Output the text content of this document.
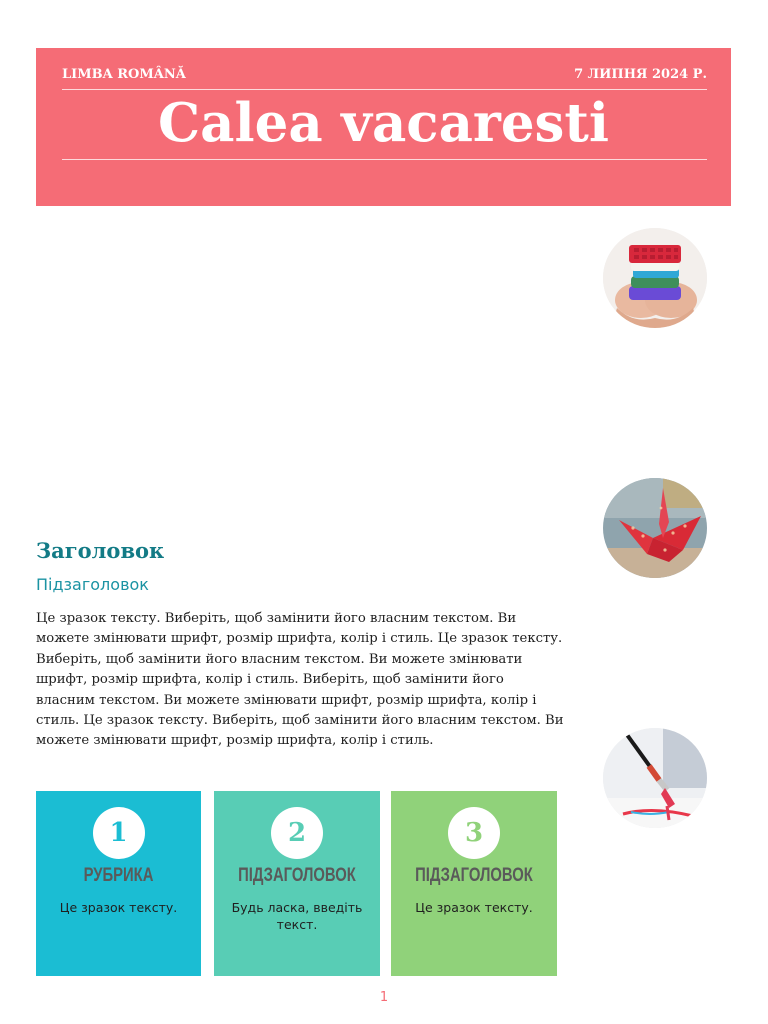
LIMBA ROMÂNĂ	7 ЛИПНЯ 2024 Р.
Calea vacaresti
Заголовок
Підзаголовок

Це зразок тексту. Виберіть, щоб замінити його власним текстом. Ви можете змінювати шрифт, розмір шрифта, колір і стиль. Це зразок тексту. Виберіть, щоб замінити його власним текстом. Ви можете змінювати шрифт, розмір шрифта, колір і стиль. Виберіть, щоб замінити його власним текстом. Ви можете змінювати шрифт, розмір шрифта, колір і стиль. Це зразок тексту. Виберіть, щоб замінити його власним текстом. Ви можете змінювати шрифт, розмір шрифта, колір і стиль.

1
РУБРИКА
Це зразок тексту.
2
ПІДЗАГОЛОВОК
Будь ласка, введіть текст.
3
ПІДЗАГОЛОВОК
Це зразок тексту.
1
